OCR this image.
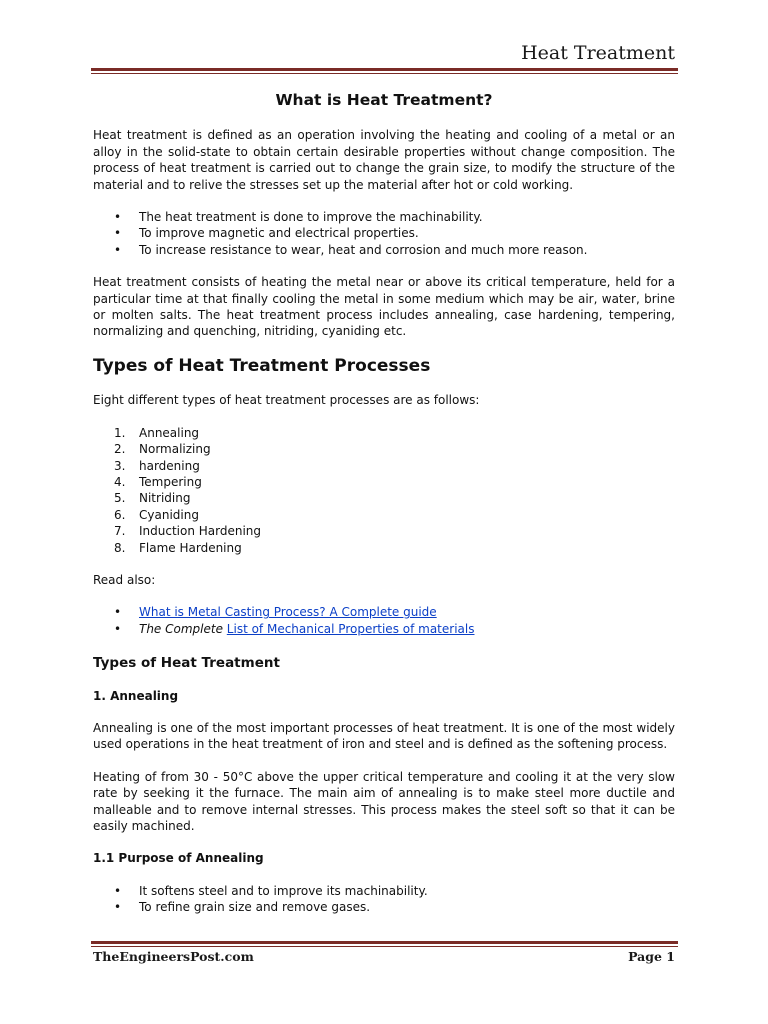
Heat Treatment
What is Heat Treatment?

Heat treatment is defined as an operation involving the heating and cooling of a metal or an alloy in the solid-state to obtain certain desirable properties without change composition. The process of heat treatment is carried out to change the grain size, to modify the structure of the material and to relive the stresses set up the material after hot or cold working.

• The heat treatment is done to improve the machinability.
• To improve magnetic and electrical properties.
• To increase resistance to wear, heat and corrosion and much more reason.

Heat treatment consists of heating the metal near or above its critical temperature, held for a particular time at that finally cooling the metal in some medium which may be air, water, brine or molten salts. The heat treatment process includes annealing, case hardening, tempering, normalizing and quenching, nitriding, cyaniding etc.

Types of Heat Treatment Processes

Eight different types of heat treatment processes are as follows:

1. Annealing
2. Normalizing
3. hardening
4. Tempering
5. Nitriding
6. Cyaniding
7. Induction Hardening
8. Flame Hardening

Read also:

• What is Metal Casting Process? A Complete guide
• The Complete List of Mechanical Properties of materials
Types of Heat Treatment
1. Annealing

Annealing is one of the most important processes of heat treatment. It is one of the most widely used operations in the heat treatment of iron and steel and is defined as the softening process.

Heating of from 30 - 50°C above the upper critical temperature and cooling it at the very slow rate by seeking it the furnace. The main aim of annealing is to make steel more ductile and malleable and to remove internal stresses. This process makes the steel soft so that it can be easily machined.

1.1 Purpose of Annealing
• It softens steel and to improve its machinability.
• To refine grain size and remove gases.
TheEngineersPost.com	Page 1
